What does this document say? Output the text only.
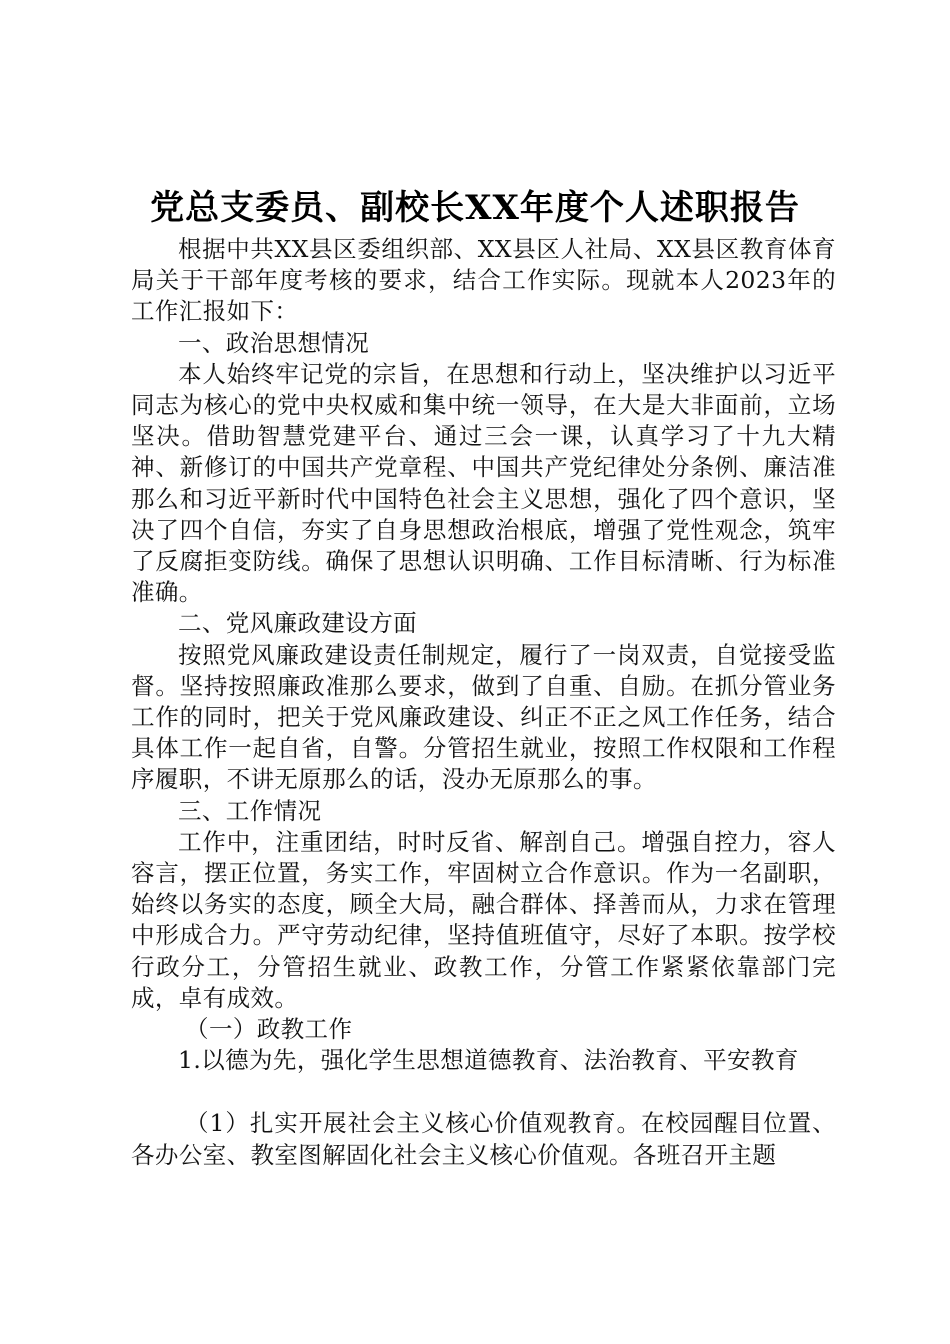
党总支委员、副校长XX年度个人述职报告

根据中共XX县区委组织部、XX县区人社局、XX县区教育体育局关于干部年度考核的要求，结合工作实际。现就本人2023年的工作汇报如下：

一、政治思想情况

本人始终牢记党的宗旨，在思想和行动上，坚决维护以习近平同志为核心的党中央权威和集中统一领导，在大是大非面前，立场坚决。借助智慧党建平台、通过三会一课，认真学习了十九大精神、新修订的中国共产党章程、中国共产党纪律处分条例、廉洁准那么和习近平新时代中国特色社会主义思想，强化了四个意识，坚决了四个自信，夯实了自身思想政治根底，增强了党性观念，筑牢了反腐拒变防线。确保了思想认识明确、工作目标清晰、行为标准准确。

二、党风廉政建设方面

按照党风廉政建设责任制规定，履行了一岗双责，自觉接受监督。坚持按照廉政准那么要求，做到了自重、自励。在抓分管业务工作的同时，把关于党风廉政建设、纠正不正之风工作任务，结合具体工作一起自省，自警。分管招生就业，按照工作权限和工作程序履职，不讲无原那么的话，没办无原那么的事。

三、工作情况

工作中，注重团结，时时反省、解剖自己。增强自控力，容人容言，摆正位置，务实工作，牢固树立合作意识。作为一名副职，始终以务实的态度，顾全大局，融合群体、择善而从，力求在管理中形成合力。严守劳动纪律，坚持值班值守，尽好了本职。按学校行政分工，分管招生就业、政教工作，分管工作紧紧依靠部门完成，卓有成效。

（一）政教工作

1.以德为先，强化学生思想道德教育、法治教育、平安教育

（1）扎实开展社会主义核心价值观教育。在校园醒目位置、各办公室、教室图解固化社会主义核心价值观。各班召开主题
